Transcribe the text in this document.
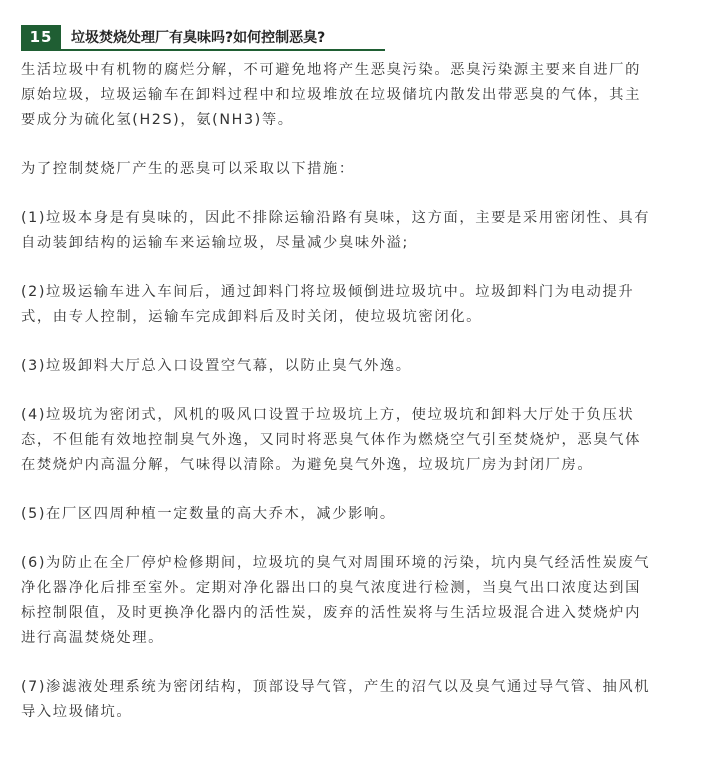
15	垃圾焚烧处理厂有臭味吗?如何控制恶臭?

生活垃圾中有机物的腐烂分解，不可避免地将产生恶臭污染。恶臭污染源主要来自进厂的
原始垃圾，垃圾运输车在卸料过程中和垃圾堆放在垃圾储坑内散发出带恶臭的气体，其主
要成分为硫化氢(H2S)，氨(NH3)等。

为了控制焚烧厂产生的恶臭可以采取以下措施：

(1)垃圾本身是有臭味的，因此不排除运输沿路有臭味，这方面，主要是采用密闭性、具有
自动装卸结构的运输车来运输垃圾，尽量减少臭味外溢;

(2)垃圾运输车进入车间后，通过卸料门将垃圾倾倒进垃圾坑中。垃圾卸料门为电动提升
式，由专人控制，运输车完成卸料后及时关闭，使垃圾坑密闭化。

(3)垃圾卸料大厅总入口设置空气幕，以防止臭气外逸。

(4)垃圾坑为密闭式，风机的吸风口设置于垃圾坑上方，使垃圾坑和卸料大厅处于负压状
态，不但能有效地控制臭气外逸，又同时将恶臭气体作为燃烧空气引至焚烧炉，恶臭气体
在焚烧炉内高温分解，气味得以清除。为避免臭气外逸，垃圾坑厂房为封闭厂房。

(5)在厂区四周种植一定数量的高大乔木，减少影响。

(6)为防止在全厂停炉检修期间，垃圾坑的臭气对周围环境的污染，坑内臭气经活性炭废气
净化器净化后排至室外。定期对净化器出口的臭气浓度进行检测，当臭气出口浓度达到国
标控制限值，及时更换净化器内的活性炭，废弃的活性炭将与生活垃圾混合进入焚烧炉内
进行高温焚烧处理。

(7)渗滤液处理系统为密闭结构，顶部设导气管，产生的沼气以及臭气通过导气管、抽风机
导入垃圾储坑。
